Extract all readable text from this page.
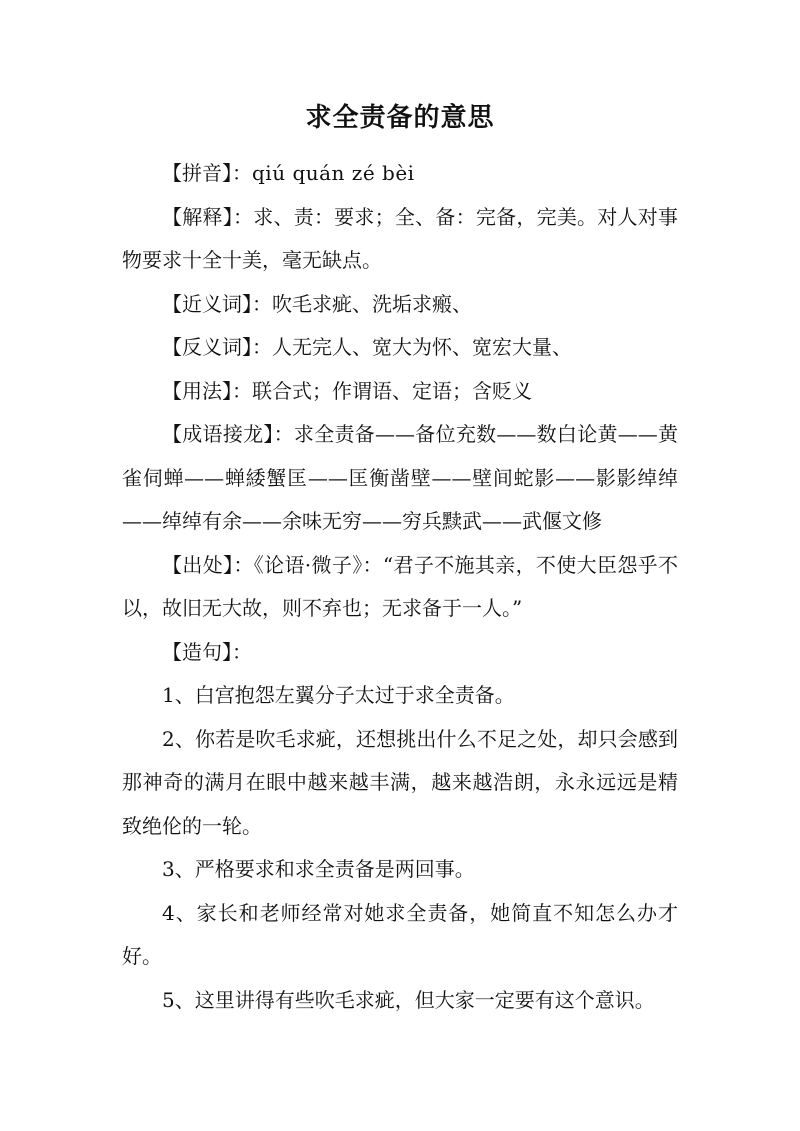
求全责备的意思

【拼音】：qiú quán zé bèi

【解释】：求、责：要求；全、备：完备，完美。对人对事物要求十全十美，毫无缺点。

【近义词】：吹毛求疵、洗垢求瘢、

【反义词】：人无完人、宽大为怀、宽宏大量、

【用法】：联合式；作谓语、定语；含贬义

【成语接龙】：求全责备——备位充数——数白论黄——黄雀伺蝉——蝉緌蟹匡——匡衡凿壁——壁间蛇影——影影绰绰——绰绰有余——余味无穷——穷兵黩武——武偃文修

【出处】：《论语·微子》：“君子不施其亲，不使大臣怨乎不以，故旧无大故，则不弃也；无求备于一人。”

【造句】：

1、白宫抱怨左翼分子太过于求全责备。

2、你若是吹毛求疵，还想挑出什么不足之处，却只会感到那神奇的满月在眼中越来越丰满，越来越浩朗，永永远远是精致绝伦的一轮。

3、严格要求和求全责备是两回事。

4、家长和老师经常对她求全责备，她简直不知怎么办才好。

5、这里讲得有些吹毛求疵，但大家一定要有这个意识。
